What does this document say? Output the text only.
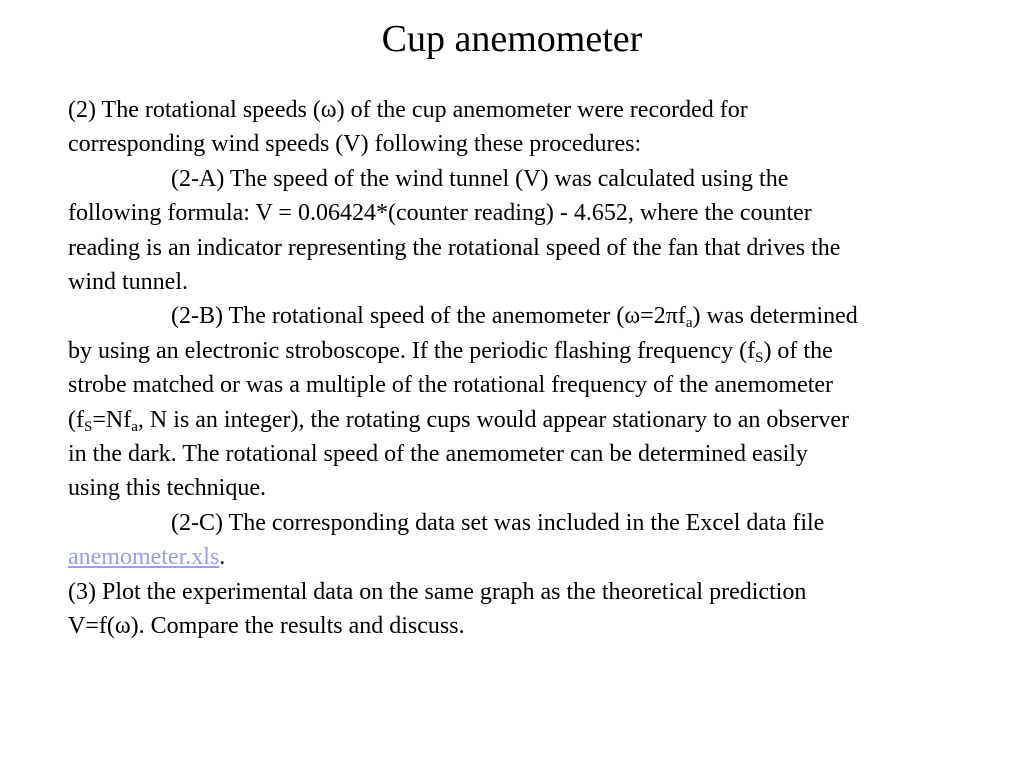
Cup anemometer

(2) The rotational speeds (ω) of the cup anemometer were recorded for

corresponding wind speeds (V) following these procedures:

(2-A) The speed of the wind tunnel (V) was calculated using the

following formula: V = 0.06424*(counter reading) - 4.652, where the counter

reading is an indicator representing the rotational speed of the fan that drives the

wind tunnel.

(2-B) The rotational speed of the anemometer $(\omega=2\pi f_a)$ was determined

by using an electronic stroboscope. If the periodic flashing frequency $(f_S)$ of the

strobe matched or was a multiple of the rotational frequency of the anemometer

($f_S=Nf_a$, N is an integer), the rotating cups would appear stationary to an observer

in the dark. The rotational speed of the anemometer can be determined easily

using this technique.

(2-C) The corresponding data set was included in the Excel data file

anemometer.xls.

(3) Plot the experimental data on the same graph as the theoretical prediction

V=f(ω). Compare the results and discuss.
